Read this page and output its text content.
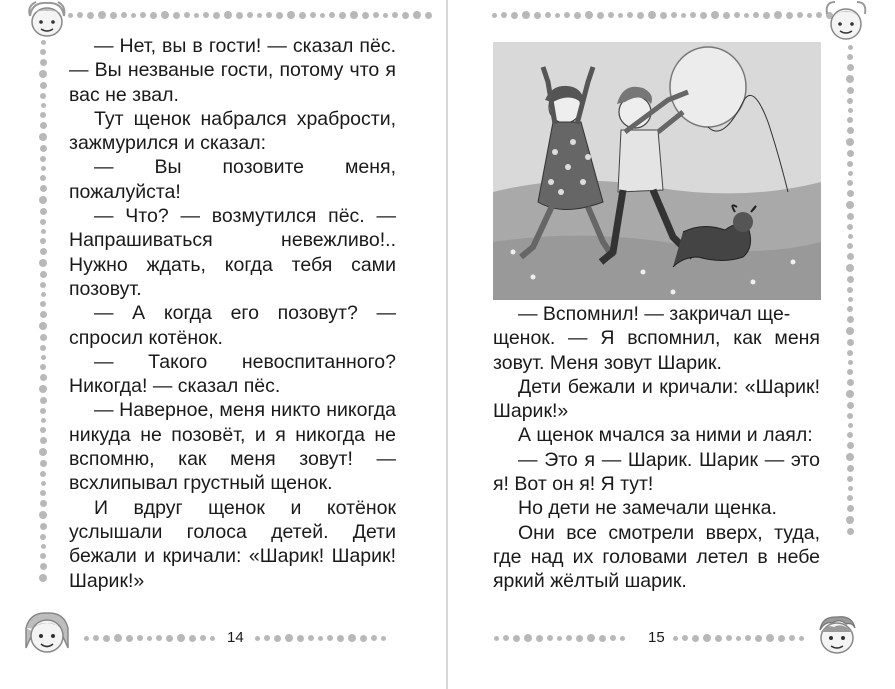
— Нет, вы в гости! — сказал пёс. — Вы незваные гости, потому что я вас не звал.

Тут щенок набрался храбрости, зажмурился и сказал:

— Вы позовите меня, пожалуйста!

— Что? — возмутился пёс. — Напрашиваться невежливо!.. Нужно ждать, когда тебя сами позовут.

— А когда его позовут? — спросил котёнок.

— Такого невоспитанного? Никогда! — сказал пёс.

— Наверное, меня никто никогда никуда не позовёт, и я никогда не вспомню, как меня зовут! — всхлипывал грустный щенок.

И вдруг щенок и котёнок услышали голоса детей. Дети бежали и кричали: «Шарик! Шарик! Шарик!»

14

— Вспомнил! — закричал ще-

щенок. — Я вспомнил, как меня зовут. Меня зовут Шарик.

Дети бежали и кричали: «Шарик! Шарик!»

А щенок мчался за ними и лаял:

— Это я — Шарик. Шарик — это я! Вот он я! Я тут!

Но дети не замечали щенка.

Они все смотрели вверх, туда, где над их головами летел в небе яркий жёлтый шарик.

15
